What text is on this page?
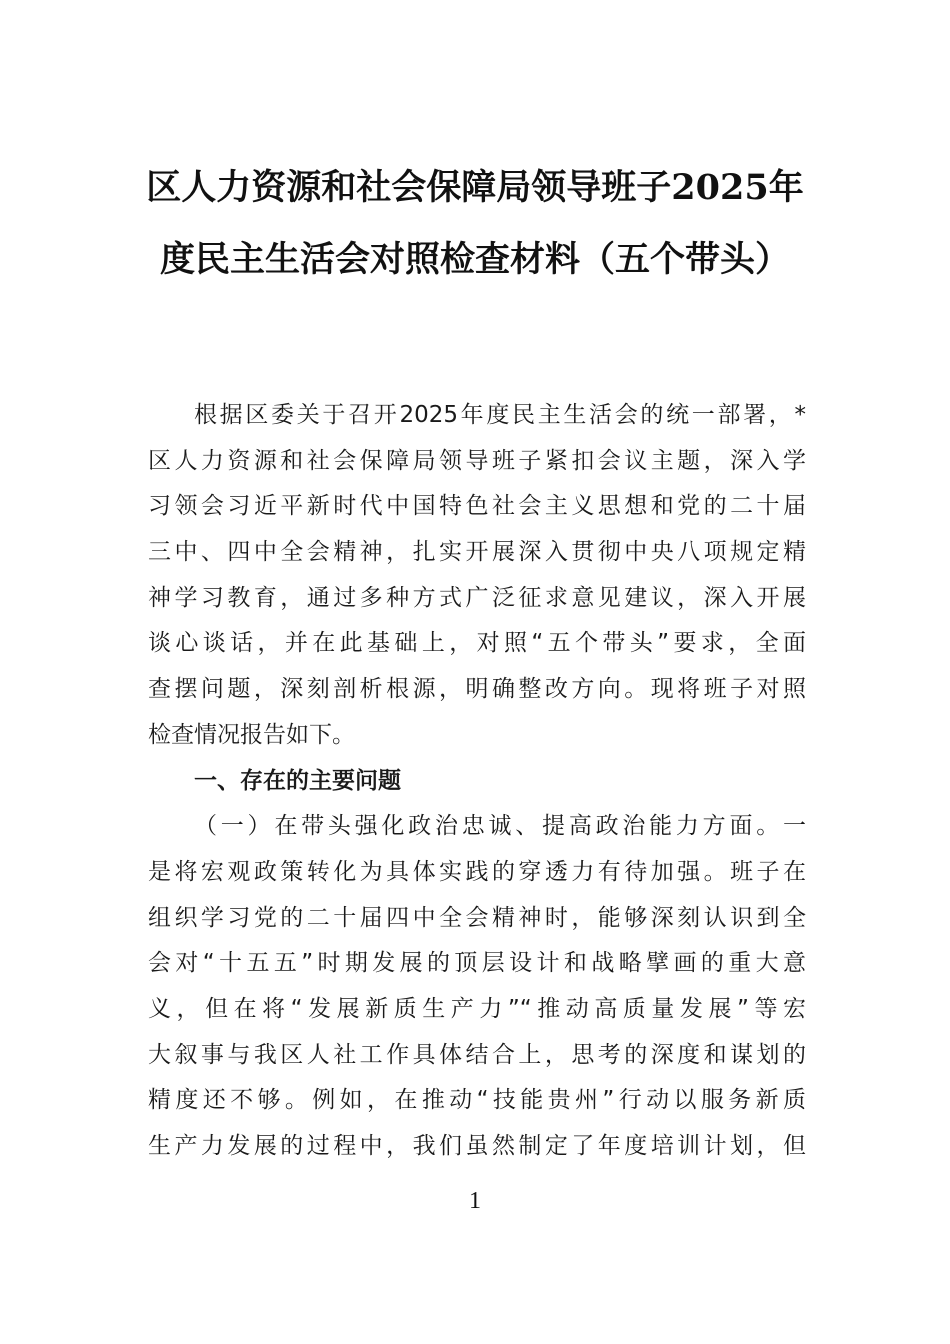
区人力资源和社会保障局领导班子2025年
度民主生活会对照检查材料（五个带头）
根据区委关于召开2025年度民主生活会的统一部署，*
区人力资源和社会保障局领导班子紧扣会议主题，深入学
习领会习近平新时代中国特色社会主义思想和党的二十届
三中、四中全会精神，扎实开展深入贯彻中央八项规定精
神学习教育，通过多种方式广泛征求意见建议，深入开展
谈心谈话，并在此基础上，对照“五个带头”要求，全面
查摆问题，深刻剖析根源，明确整改方向。现将班子对照
检查情况报告如下。
一、存在的主要问题
（一）在带头强化政治忠诚、提高政治能力方面。一
是将宏观政策转化为具体实践的穿透力有待加强。班子在
组织学习党的二十届四中全会精神时，能够深刻认识到全
会对“十五五”时期发展的顶层设计和战略擘画的重大意
义，但在将“发展新质生产力”“推动高质量发展”等宏
大叙事与我区人社工作具体结合上，思考的深度和谋划的
精度还不够。例如，在推动“技能贵州”行动以服务新质
生产力发展的过程中，我们虽然制定了年度培训计划，但
1
